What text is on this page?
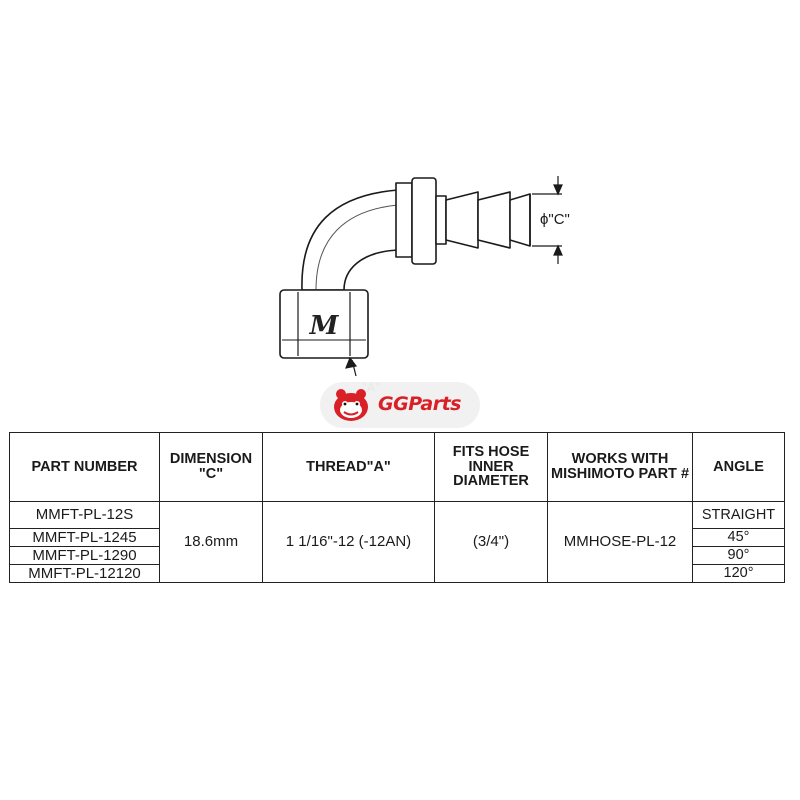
M
ϕ"C"
GGParts
PART NUMBER	DIMENSION "C"	THREAD"A"	FITS HOSE INNER DIAMETER	WORKS WITH MISHIMOTO PART #	ANGLE
MMFT-PL-12S	18.6mm	1 1/16"-12 (-12AN)	(3/4")	MMHOSE-PL-12	STRAIGHT
MMFT-PL-1245					45°
MMFT-PL-1290					90°
MMFT-PL-12120					120°
